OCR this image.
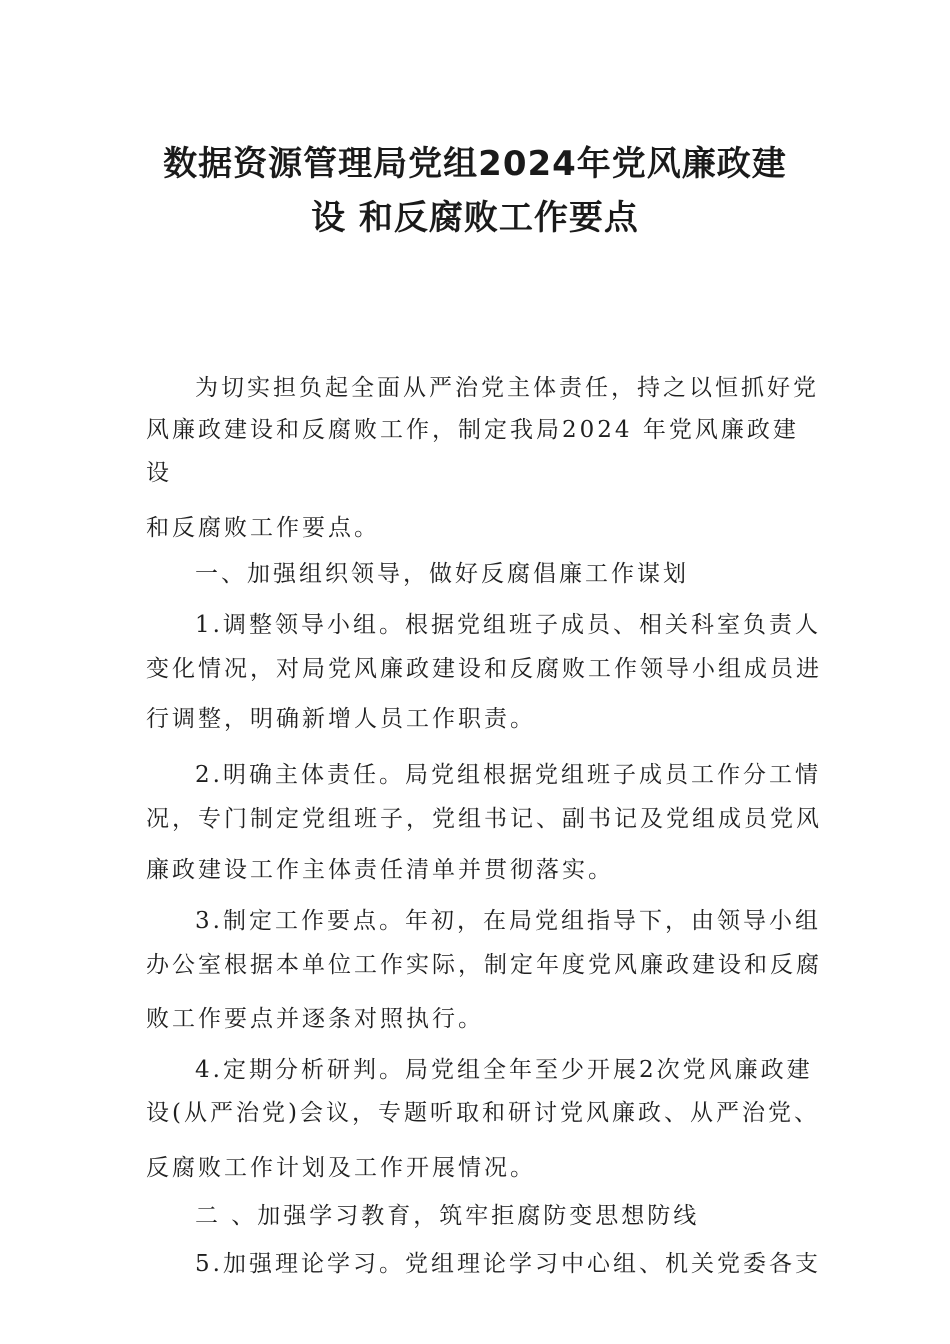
数据资源管理局党组2024年党风廉政建
设 和反腐败工作要点
为切实担负起全面从严治党主体责任，持之以恒抓好党
风廉政建设和反腐败工作，制定我局2024 年党风廉政建
设
和反腐败工作要点。
一、加强组织领导，做好反腐倡廉工作谋划
1.调整领导小组。根据党组班子成员、相关科室负责人
变化情况，对局党风廉政建设和反腐败工作领导小组成员进
行调整，明确新增人员工作职责。
2.明确主体责任。局党组根据党组班子成员工作分工情
况，专门制定党组班子，党组书记、副书记及党组成员党风
廉政建设工作主体责任清单并贯彻落实。
3.制定工作要点。年初，在局党组指导下，由领导小组
办公室根据本单位工作实际，制定年度党风廉政建设和反腐
败工作要点并逐条对照执行。
4.定期分析研判。局党组全年至少开展2次党风廉政建
设(从严治党)会议，专题听取和研讨党风廉政、从严治党、
反腐败工作计划及工作开展情况。
二 、加强学习教育，筑牢拒腐防变思想防线
5.加强理论学习。党组理论学习中心组、机关党委各支
